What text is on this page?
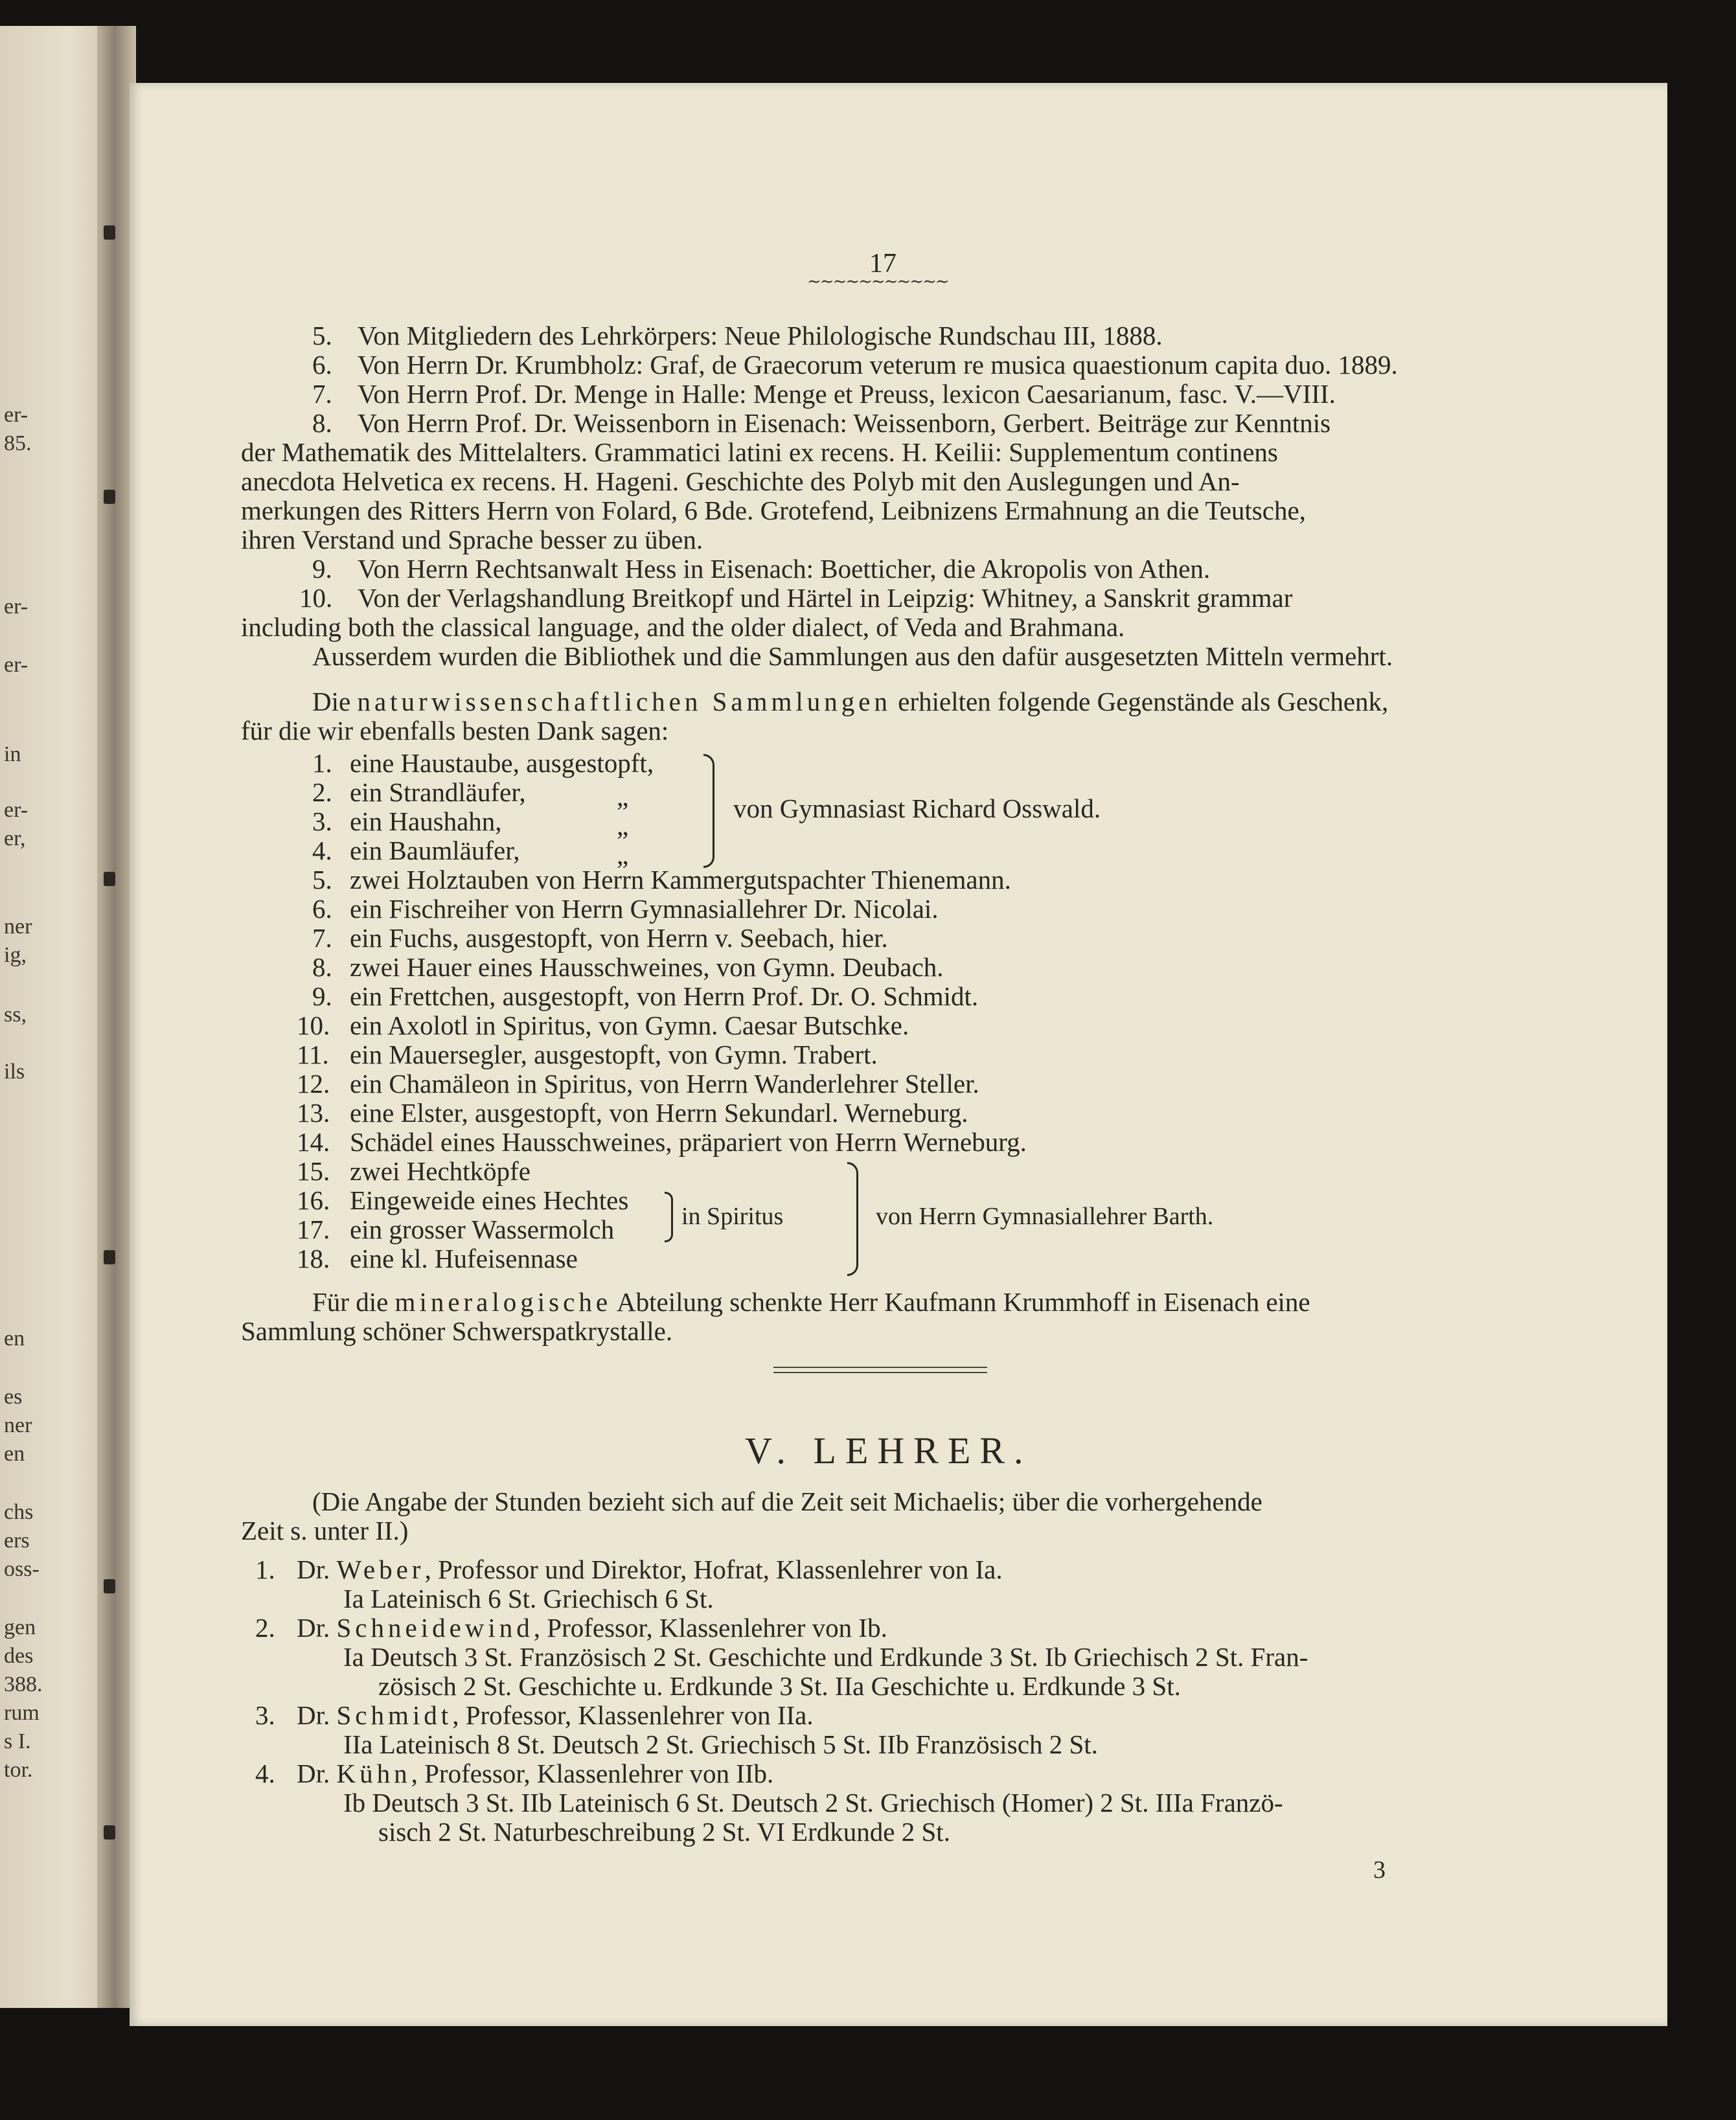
er-
85.
er-
er-
in
er-
er,
ner
ig,
ss,
ils
en
es
ner
en
chs
ers
oss-
gen
des
388.
rum
s I.
tor.
17
∼∼∼∼∼∼∼∼∼∼∼
5. Von Mitgliedern des Lehrkörpers: Neue Philologische Rundschau III, 1888.
6. Von Herrn Dr. Krumbholz: Graf, de Graecorum veterum re musica quaestionum capita duo. 1889.
7. Von Herrn Prof. Dr. Menge in Halle: Menge et Preuss, lexicon Caesarianum, fasc. V.—VIII.
8. Von Herrn Prof. Dr. Weissenborn in Eisenach: Weissenborn, Gerbert. Beiträge zur Kenntnis
der Mathematik des Mittelalters. Grammatici latini ex recens. H. Keilii: Supplementum continens
anecdota Helvetica ex recens. H. Hageni. Geschichte des Polyb mit den Auslegungen und An-
merkungen des Ritters Herrn von Folard, 6 Bde. Grotefend, Leibnizens Ermahnung an die Teutsche,
ihren Verstand und Sprache besser zu üben.
9. Von Herrn Rechtsanwalt Hess in Eisenach: Boetticher, die Akropolis von Athen.
10. Von der Verlagshandlung Breitkopf und Härtel in Leipzig: Whitney, a Sanskrit grammar
including both the classical language, and the older dialect, of Veda and Brahmana.
Ausserdem wurden die Bibliothek und die Sammlungen aus den dafür ausgesetzten Mitteln vermehrt.
Die naturwissenschaftlichen Sammlungen erhielten folgende Gegenstände als Geschenk,
für die wir ebenfalls besten Dank sagen:
1. eine Haustaube, ausgestopft,
2. ein Strandläufer,	„
3. ein Haushahn,	„
4. ein Baumläufer,	„
von Gymnasiast Richard Osswald.
5. zwei Holztauben von Herrn Kammergutspachter Thienemann.
6. ein Fischreiher von Herrn Gymnasiallehrer Dr. Nicolai.
7. ein Fuchs, ausgestopft, von Herrn v. Seebach, hier.
8. zwei Hauer eines Hausschweines, von Gymn. Deubach.
9. ein Frettchen, ausgestopft, von Herrn Prof. Dr. O. Schmidt.
10. ein Axolotl in Spiritus, von Gymn. Caesar Butschke.
11. ein Mauersegler, ausgestopft, von Gymn. Trabert.
12. ein Chamäleon in Spiritus, von Herrn Wanderlehrer Steller.
13. eine Elster, ausgestopft, von Herrn Sekundarl. Werneburg.
14. Schädel eines Hausschweines, präpariert von Herrn Werneburg.
15. zwei Hechtköpfe
16. Eingeweide eines Hechtes
17. ein grosser Wassermolch
18. eine kl. Hufeisennase
in Spiritus	von Herrn Gymnasiallehrer Barth.
Für die mineralogische Abteilung schenkte Herr Kaufmann Krummhoff in Eisenach eine
Sammlung schöner Schwerspatkrystalle.
V. LEHRER.
(Die Angabe der Stunden bezieht sich auf die Zeit seit Michaelis; über die vorhergehende
Zeit s. unter II.)
1. Dr. Weber, Professor und Direktor, Hofrat, Klassenlehrer von Ia.
Ia Lateinisch 6 St. Griechisch 6 St.
2. Dr. Schneidewind, Professor, Klassenlehrer von Ib.
Ia Deutsch 3 St. Französisch 2 St. Geschichte und Erdkunde 3 St. Ib Griechisch 2 St. Fran-
zösisch 2 St. Geschichte u. Erdkunde 3 St. IIa Geschichte u. Erdkunde 3 St.
3. Dr. Schmidt, Professor, Klassenlehrer von IIa.
IIa Lateinisch 8 St. Deutsch 2 St. Griechisch 5 St. IIb Französisch 2 St.
4. Dr. Kühn, Professor, Klassenlehrer von IIb.
Ib Deutsch 3 St. IIb Lateinisch 6 St. Deutsch 2 St. Griechisch (Homer) 2 St. IIIa Franzö-
sisch 2 St. Naturbeschreibung 2 St. VI Erdkunde 2 St.
3
